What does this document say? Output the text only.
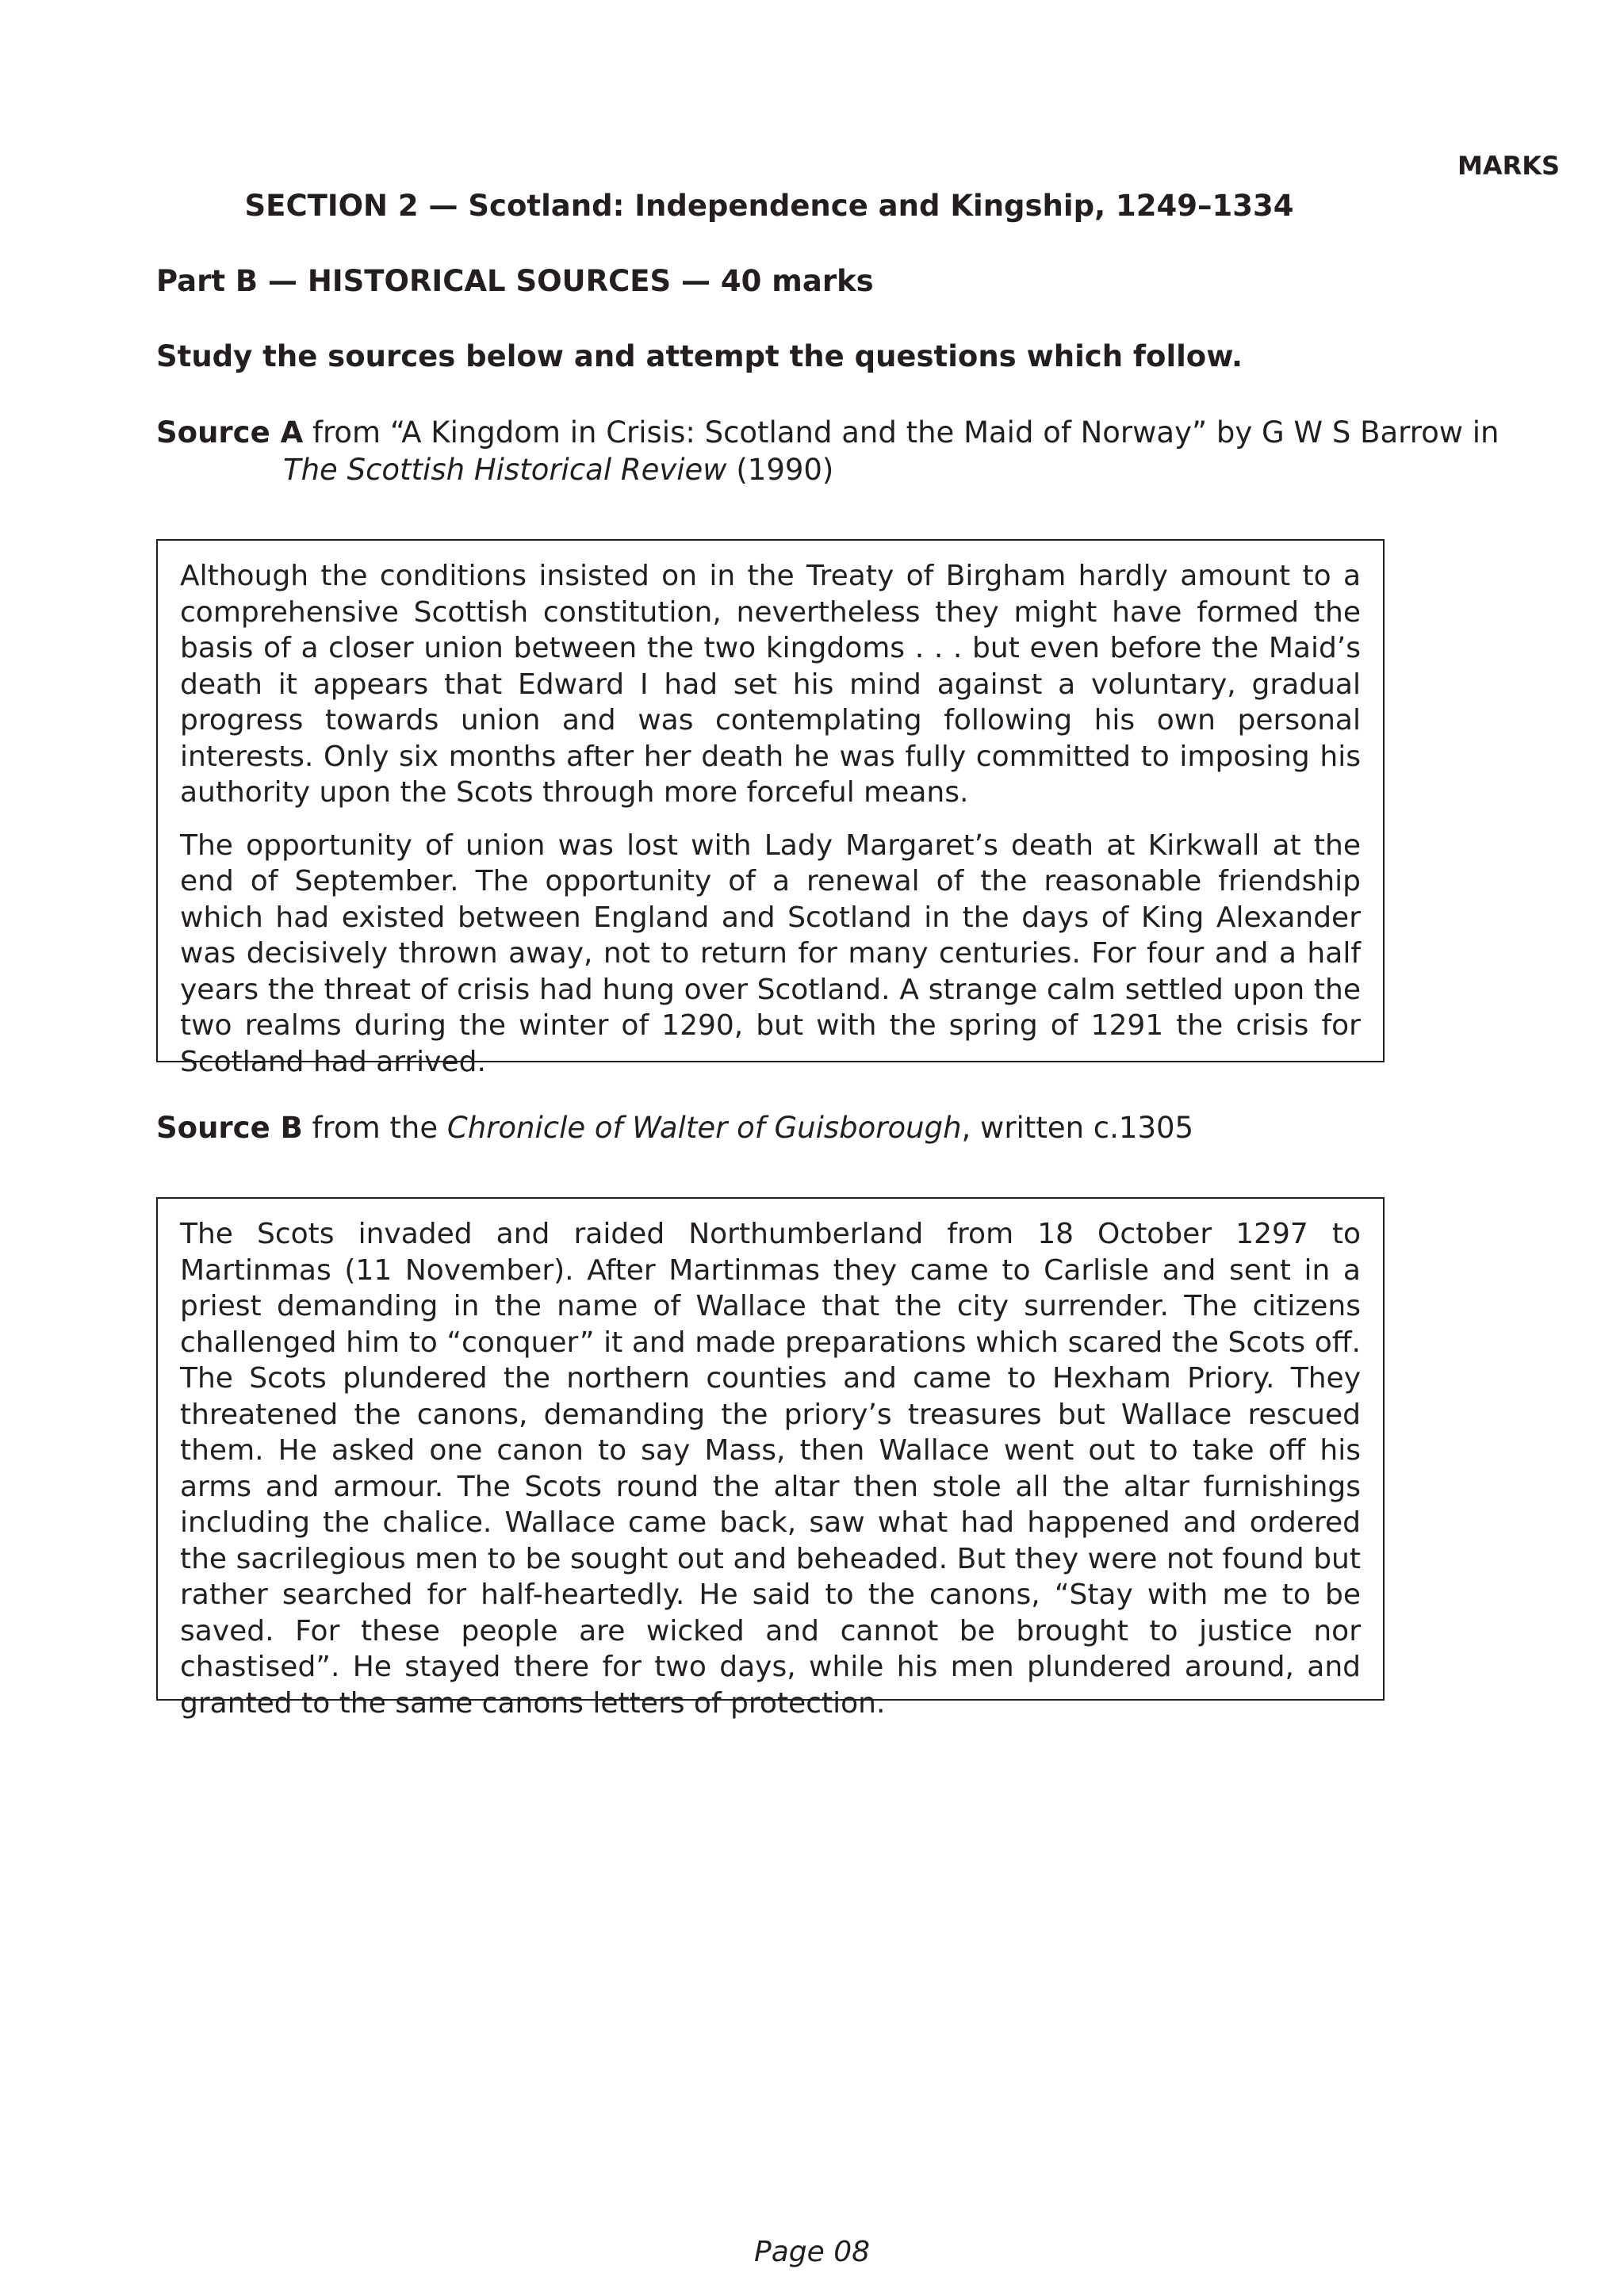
MARKS
SECTION 2 — Scotland: Independence and Kingship, 1249–1334
Part B — HISTORICAL SOURCES — 40 marks
Study the sources below and attempt the questions which follow.
Source A from “A Kingdom in Crisis: Scotland and the Maid of Norway” by G W S Barrow in
The Scottish Historical Review (1990)

Although the conditions insisted on in the Treaty of Birgham hardly amount to a comprehensive Scottish constitution, nevertheless they might have formed the basis of a closer union between the two kingdoms . . . but even before the Maid’s death it appears that Edward I had set his mind against a voluntary, gradual progress towards union and was contemplating following his own personal interests. Only six months after her death he was fully committed to imposing his authority upon the Scots through more forceful means.

The opportunity of union was lost with Lady Margaret’s death at Kirkwall at the end of September. The opportunity of a renewal of the reasonable friendship which had existed between England and Scotland in the days of King Alexander was decisively thrown away, not to return for many centuries. For four and a half years the threat of crisis had hung over Scotland. A strange calm settled upon the two realms during the winter of 1290, but with the spring of 1291 the crisis for Scotland had arrived.

Source B from the Chronicle of Walter of Guisborough, written c.1305

The Scots invaded and raided Northumberland from 18 October 1297 to Martinmas (11 November). After Martinmas they came to Carlisle and sent in a priest demanding in the name of Wallace that the city surrender. The citizens challenged him to “conquer” it and made preparations which scared the Scots off. The Scots plundered the northern counties and came to Hexham Priory. They threatened the canons, demanding the priory’s treasures but Wallace rescued them. He asked one canon to say Mass, then Wallace went out to take off his arms and armour. The Scots round the altar then stole all the altar furnishings including the chalice. Wallace came back, saw what had happened and ordered the sacrilegious men to be sought out and beheaded. But they were not found but rather searched for half-heartedly. He said to the canons, “Stay with me to be saved. For these people are wicked and cannot be brought to justice nor chastised”. He stayed there for two days, while his men plundered around, and granted to the same canons letters of protection.

Page 08
